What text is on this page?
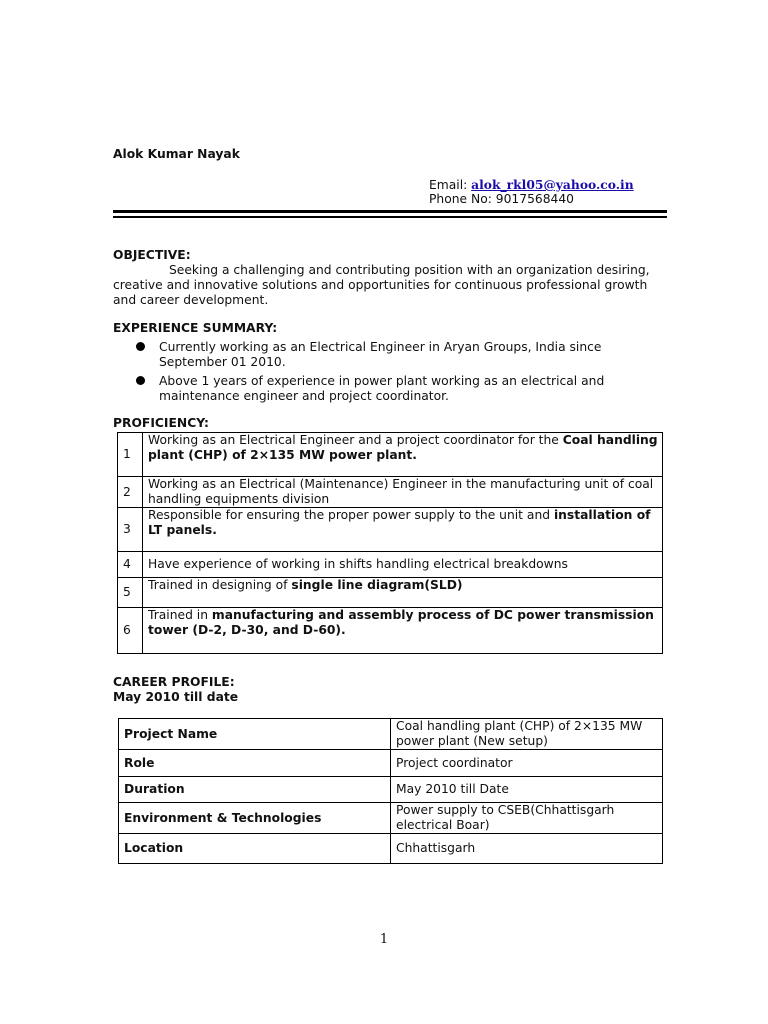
Alok Kumar Nayak
Email: alok_rkl05@yahoo.co.in
Phone No: 9017568440
OBJECTIVE:
Seeking a challenging and contributing position with an organization desiring, creative and innovative solutions and opportunities for continuous professional growth and career development.
EXPERIENCE SUMMARY:
Currently working as an Electrical Engineer in Aryan Groups, India since September 01 2010.
Above 1 years of experience in power plant working as an electrical and maintenance engineer and project coordinator.
PROFICIENCY:
1	Working as an Electrical Engineer and a project coordinator for the Coal handling plant (CHP) of 2×135 MW power plant.
2	Working as an Electrical (Maintenance) Engineer in the manufacturing unit of coal handling equipments division
3	Responsible for ensuring the proper power supply to the unit and installation of LT panels.
4	Have experience of working in shifts handling electrical breakdowns
5	Trained in designing of single line diagram(SLD)
6	Trained in manufacturing and assembly process of DC power transmission tower (D-2, D-30, and D-60).
CAREER PROFILE:
May 2010 till date
Project Name	Coal handling plant (CHP) of 2×135 MW power plant (New setup)
Role	Project coordinator
Duration	May 2010 till Date
Environment & Technologies	Power supply to CSEB(Chhattisgarh electrical Boar)
Location	Chhattisgarh
1
